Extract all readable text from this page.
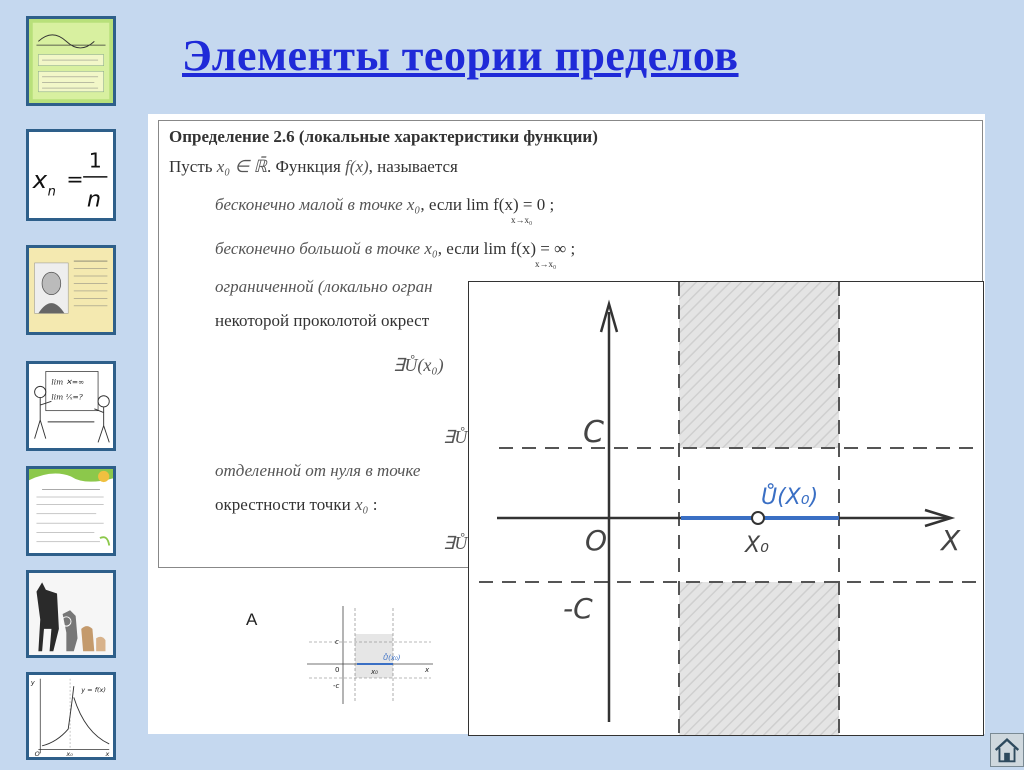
Элементы теории пределов
x n
=
1
n
lim ✕=∞
lim ¹⁄ₓ=?
y
y = f(x)
O	x₀	x
Определение 2.6 (локальные характеристики функции)
Пусть x₀ ∈ ℝ̄. Функция f(x), называется
бесконечно малой в точке x₀, если lim f(x) = 0 ;
x→x₀
бесконечно большой в точке x₀, если lim f(x) = ∞ ;
x→x₀
ограниченной (локально огран
некоторой проколотой окрест
∃Ů(x₀)
∃Ů
отделенной от нуля в точке
окрестности точки x₀ :
∃Ů
A
c
-c
0	x₀	x
Ů(x₀)
C
-C
O	X
X₀
Ů(X₀)
